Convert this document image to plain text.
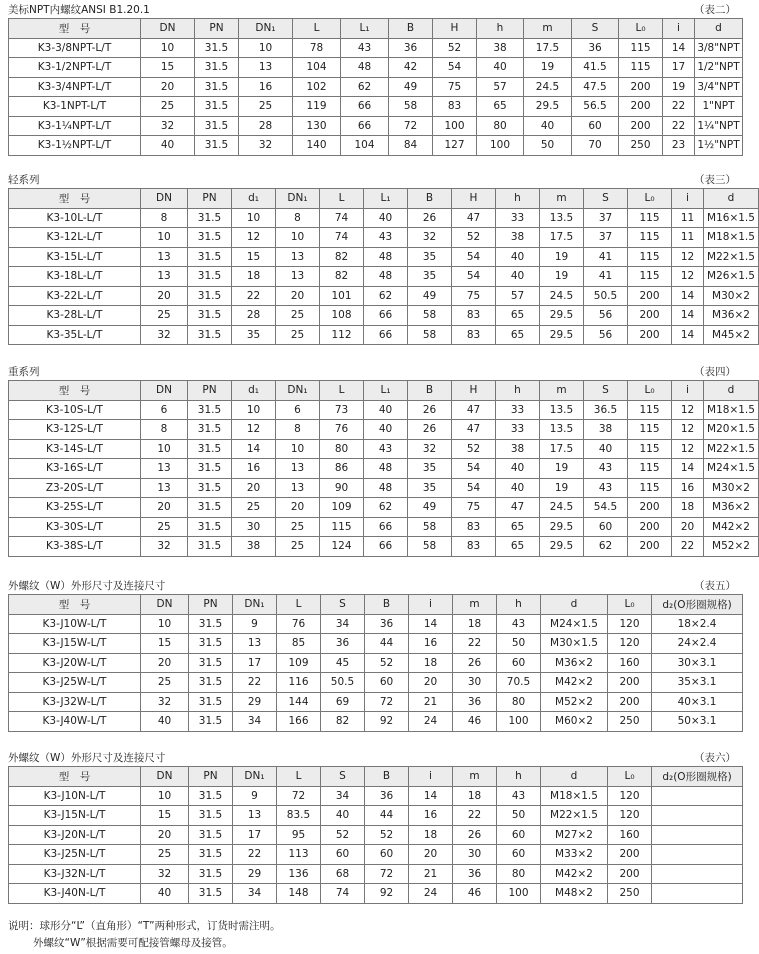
美标NPT内螺纹ANSI B1.20.1	（表二）
型　号	DN	PN	DN₁	L	L₁	B	H	h	m	S	L₀	i	d
K3-3/8NPT-L/T	10	31.5	10	78	43	36	52	38	17.5	36	115	14	3/8"NPT
K3-1/2NPT-L/T	15	31.5	13	104	48	42	54	40	19	41.5	115	17	1/2"NPT
K3-3/4NPT-L/T	20	31.5	16	102	62	49	75	57	24.5	47.5	200	19	3/4"NPT
K3-1NPT-L/T	25	31.5	25	119	66	58	83	65	29.5	56.5	200	22	1"NPT
K3-1¼NPT-L/T	32	31.5	28	130	66	72	100	80	40	60	200	22	1¼"NPT
K3-1½NPT-L/T	40	31.5	32	140	104	84	127	100	50	70	250	23	1½"NPT
轻系列	（表三）
型　号	DN	PN	d₁	DN₁	L	L₁	B	H	h	m	S	L₀	i	d
K3-10L-L/T	8	31.5	10	8	74	40	26	47	33	13.5	37	115	11	M16×1.5
K3-12L-L/T	10	31.5	12	10	74	43	32	52	38	17.5	37	115	11	M18×1.5
K3-15L-L/T	13	31.5	15	13	82	48	35	54	40	19	41	115	12	M22×1.5
K3-18L-L/T	13	31.5	18	13	82	48	35	54	40	19	41	115	12	M26×1.5
K3-22L-L/T	20	31.5	22	20	101	62	49	75	57	24.5	50.5	200	14	M30×2
K3-28L-L/T	25	31.5	28	25	108	66	58	83	65	29.5	56	200	14	M36×2
K3-35L-L/T	32	31.5	35	25	112	66	58	83	65	29.5	56	200	14	M45×2
重系列	（表四）
型　号	DN	PN	d₁	DN₁	L	L₁	B	H	h	m	S	L₀	i	d
K3-10S-L/T	6	31.5	10	6	73	40	26	47	33	13.5	36.5	115	12	M18×1.5
K3-12S-L/T	8	31.5	12	8	76	40	26	47	33	13.5	38	115	12	M20×1.5
K3-14S-L/T	10	31.5	14	10	80	43	32	52	38	17.5	40	115	12	M22×1.5
K3-16S-L/T	13	31.5	16	13	86	48	35	54	40	19	43	115	14	M24×1.5
Z3-20S-L/T	13	31.5	20	13	90	48	35	54	40	19	43	115	16	M30×2
K3-25S-L/T	20	31.5	25	20	109	62	49	75	47	24.5	54.5	200	18	M36×2
K3-30S-L/T	25	31.5	30	25	115	66	58	83	65	29.5	60	200	20	M42×2
K3-38S-L/T	32	31.5	38	25	124	66	58	83	65	29.5	62	200	22	M52×2
外螺纹（W）外形尺寸及连接尺寸	（表五）
型　号	DN	PN	DN₁	L	S	B	i	m	h	d	L₀	d₂(O形圈规格)
K3-J10W-L/T	10	31.5	9	76	34	36	14	18	43	M24×1.5	120	18×2.4
K3-J15W-L/T	15	31.5	13	85	36	44	16	22	50	M30×1.5	120	24×2.4
K3-J20W-L/T	20	31.5	17	109	45	52	18	26	60	M36×2	160	30×3.1
K3-J25W-L/T	25	31.5	22	116	50.5	60	20	30	70.5	M42×2	200	35×3.1
K3-J32W-L/T	32	31.5	29	144	69	72	21	36	80	M52×2	200	40×3.1
K3-J40W-L/T	40	31.5	34	166	82	92	24	46	100	M60×2	250	50×3.1
外螺纹（W）外形尺寸及连接尺寸	（表六）
型　号	DN	PN	DN₁	L	S	B	i	m	h	d	L₀	d₂(O形圈规格)
K3-J10N-L/T	10	31.5	9	72	34	36	14	18	43	M18×1.5	120	
K3-J15N-L/T	15	31.5	13	83.5	40	44	16	22	50	M22×1.5	120	
K3-J20N-L/T	20	31.5	17	95	52	52	18	26	60	M27×2	160	
K3-J25N-L/T	25	31.5	22	113	60	60	20	30	60	M33×2	200	
K3-J32N-L/T	32	31.5	29	136	68	72	21	36	80	M42×2	200	
K3-J40N-L/T	40	31.5	34	148	74	92	24	46	100	M48×2	250	
说明：球形分“L”（直角形）“T”两种形式，订货时需注明。
外螺纹“W”根据需要可配接管螺母及接管。
